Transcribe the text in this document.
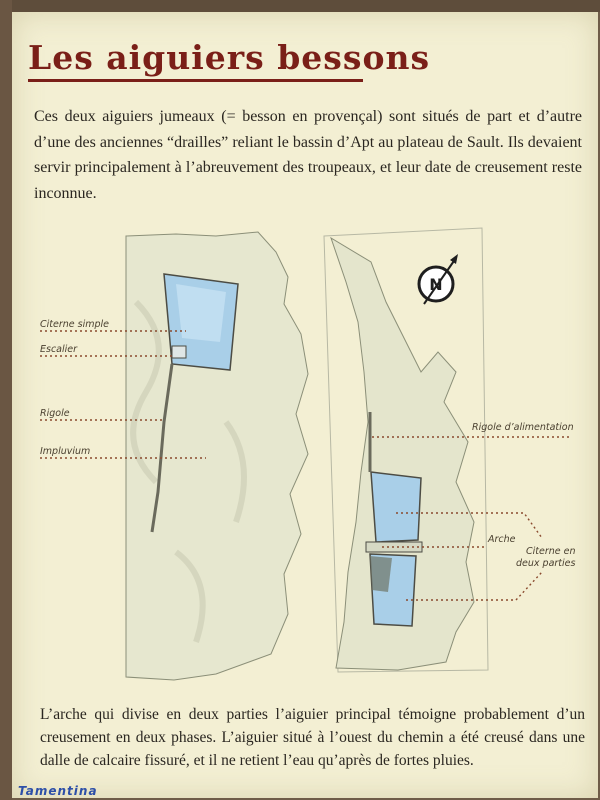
Les aiguiers bessons

Ces deux aiguiers jumeaux (= besson en provençal) sont situés de part et d’autre d’une des anciennes “drailles” reliant le bassin d’Apt au plateau de Sault. Ils devaient servir principalement à l’abreuvement des troupeaux, et leur date de creusement reste inconnue.

N
Citerne simple
Escalier
Rigole
Impluvium
Rigole d’alimentation
Arche
Citerne en
deux parties

L’arche qui divise en deux parties l’aiguier principal témoigne probablement d’un creusement en deux phases. L’aiguier situé à l’ouest du chemin a été creusé dans une dalle de calcaire fissuré, et il ne retient l’eau qu’après de fortes pluies.

Tamentina
